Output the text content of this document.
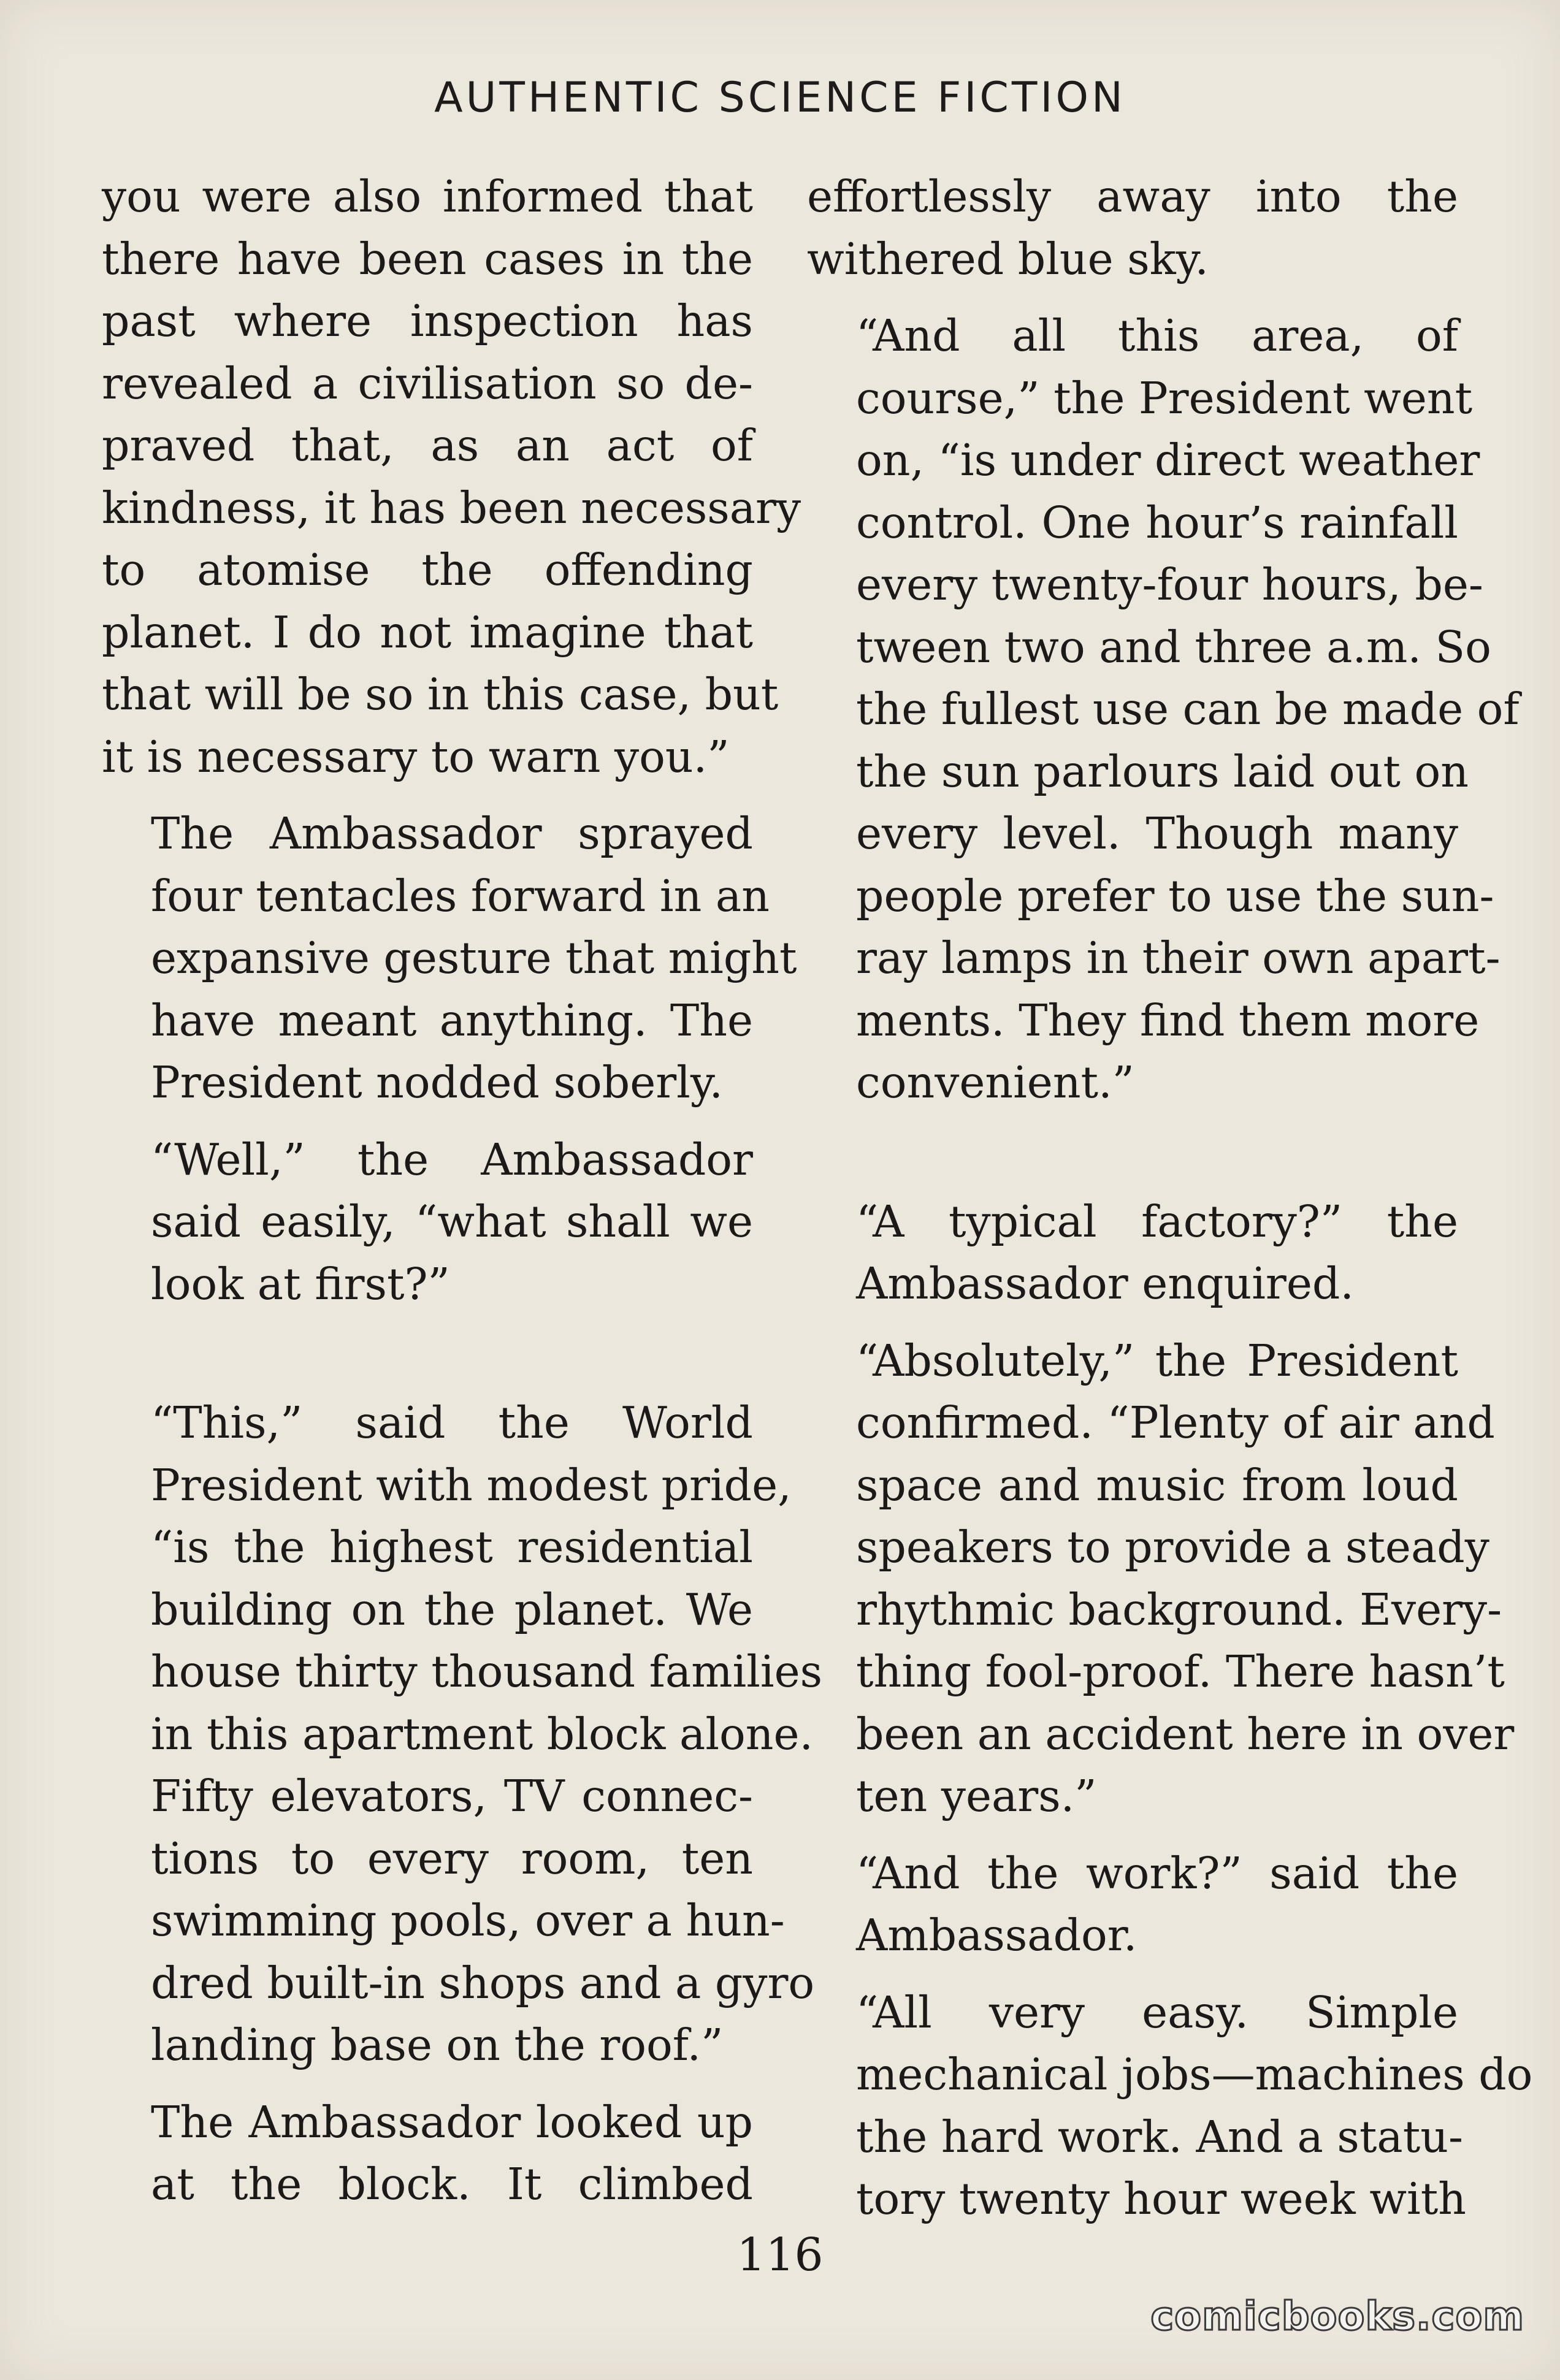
AUTHENTIC SCIENCE FICTION

you were also informed that
there have been cases in the
past where inspection has
revealed a civilisation so de-
praved that, as an act of
kindness, it has been necessary
to atomise the offending
planet. I do not imagine that
that will be so in this case, but
it is necessary to warn you.”

The Ambassador sprayed
four tentacles forward in an
expansive gesture that might
have meant anything. The
President nodded soberly.

“Well,” the Ambassador
said easily, “what shall we
look at first?”

“This,” said the World
President with modest pride,
“is the highest residential
building on the planet. We
house thirty thousand families
in this apartment block alone.
Fifty elevators, TV connec-
tions to every room, ten
swimming pools, over a hun-
dred built-in shops and a gyro
landing base on the roof.”

The Ambassador looked up
at the block. It climbed

effortlessly away into the
withered blue sky.

“And all this area, of
course,” the President went
on, “is under direct weather
control. One hour’s rainfall
every twenty-four hours, be-
tween two and three a.m. So
the fullest use can be made of
the sun parlours laid out on
every level. Though many
people prefer to use the sun-
ray lamps in their own apart-
ments. They find them more
convenient.”

“A typical factory?” the
Ambassador enquired.

“Absolutely,” the President
confirmed. “Plenty of air and
space and music from loud
speakers to provide a steady
rhythmic background. Every-
thing fool-proof. There hasn’t
been an accident here in over
ten years.”

“And the work?” said the
Ambassador.

“All very easy. Simple
mechanical jobs—machines do
the hard work. And a statu-
tory twenty hour week with

116
comicbooks.com
